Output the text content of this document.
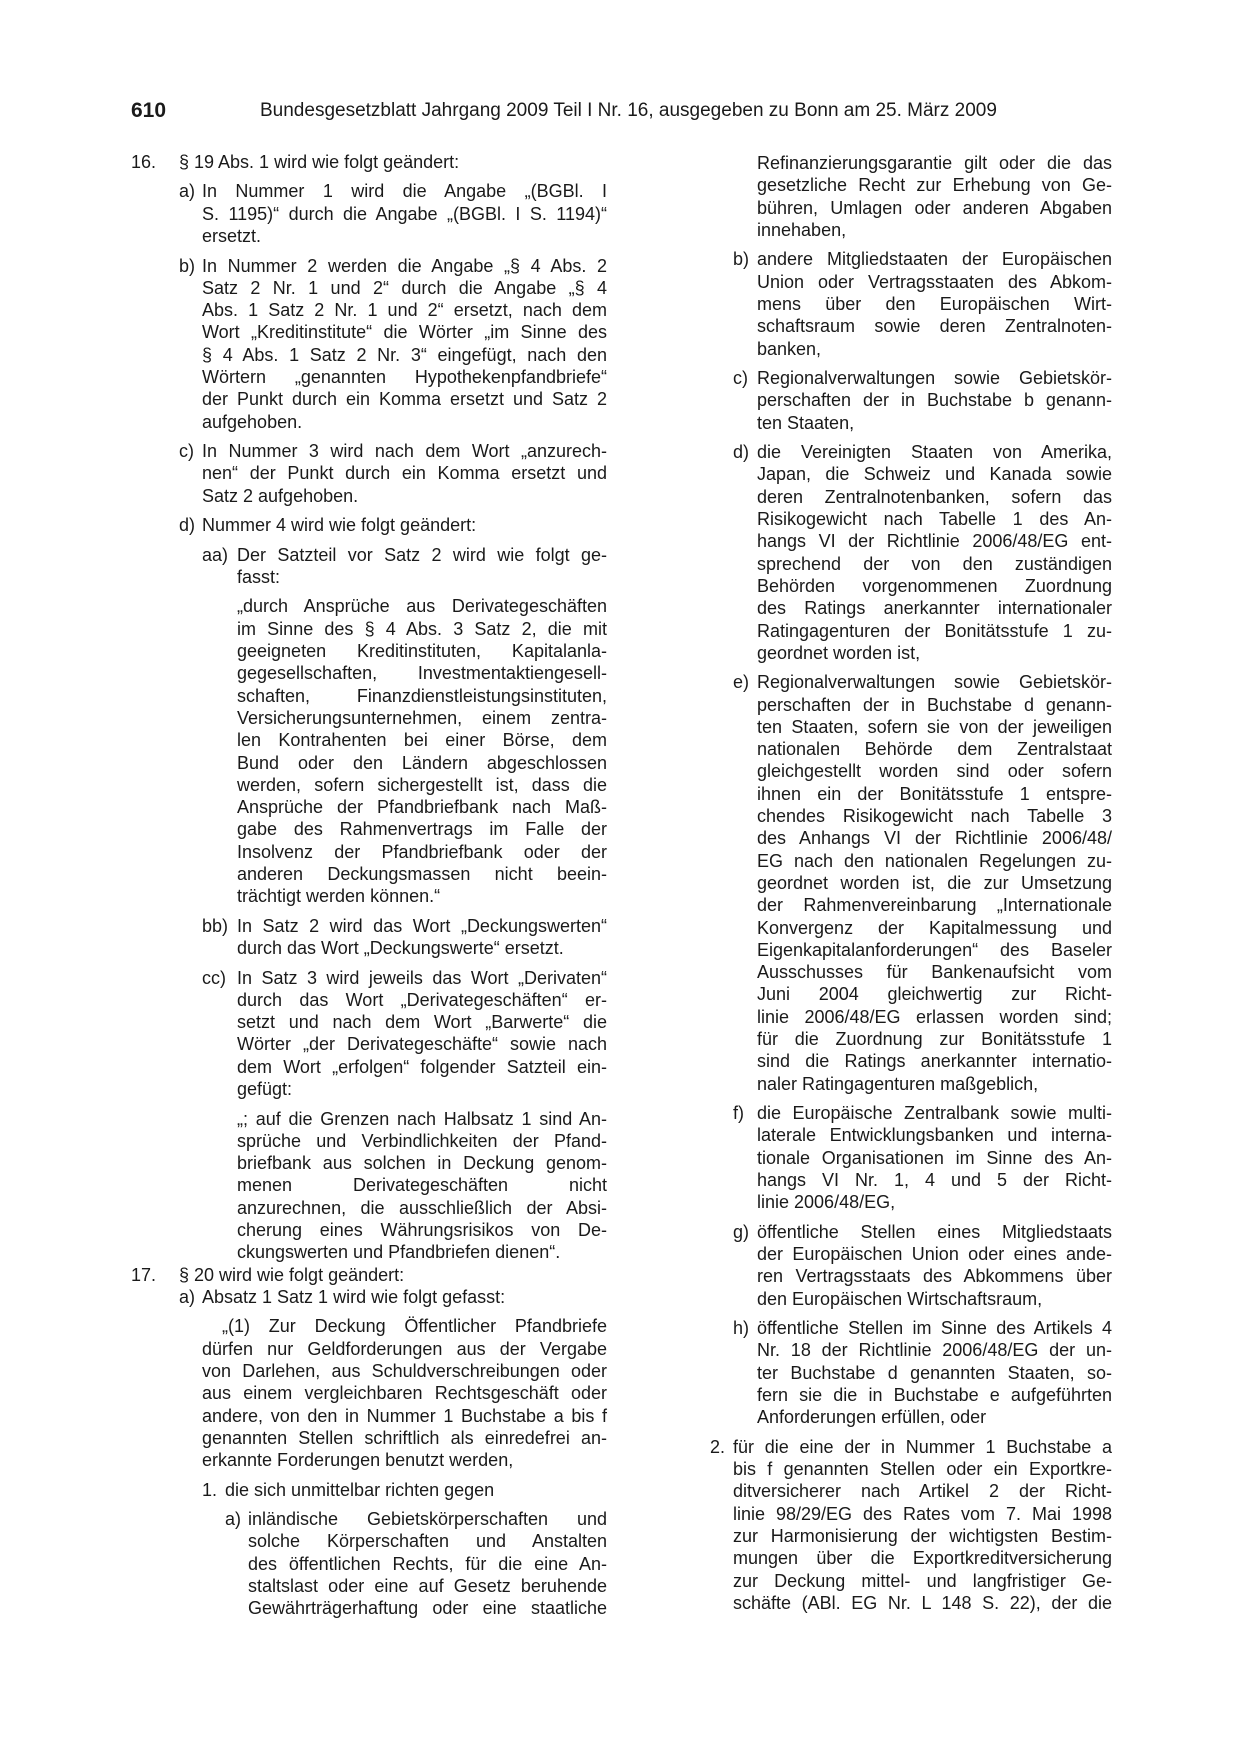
610	Bundesgesetzblatt Jahrgang 2009 Teil I Nr. 16, ausgegeben zu Bonn am 25. März 2009
16. § 19 Abs. 1 wird wie folgt geändert:
a) In Nummer 1 wird die Angabe „(BGBl. I
S. 1195)“ durch die Angabe „(BGBl. I S. 1194)“
ersetzt.
b) In Nummer 2 werden die Angabe „§ 4 Abs. 2
Satz 2 Nr. 1 und 2“ durch die Angabe „§ 4
Abs. 1 Satz 2 Nr. 1 und 2“ ersetzt, nach dem
Wort „Kreditinstitute“ die Wörter „im Sinne des
§ 4 Abs. 1 Satz 2 Nr. 3“ eingefügt, nach den
Wörtern „genannten Hypothekenpfandbriefe“
der Punkt durch ein Komma ersetzt und Satz 2
aufgehoben.
c) In Nummer 3 wird nach dem Wort „anzurech-
nen“ der Punkt durch ein Komma ersetzt und
Satz 2 aufgehoben.
d) Nummer 4 wird wie folgt geändert:
aa) Der Satzteil vor Satz 2 wird wie folgt ge-
fasst:
„durch Ansprüche aus Derivategeschäften
im Sinne des § 4 Abs. 3 Satz 2, die mit
geeigneten Kreditinstituten, Kapitalanla-
gegesellschaften, Investmentaktiengesell-
schaften, Finanzdienstleistungsinstituten,
Versicherungsunternehmen, einem zentra-
len Kontrahenten bei einer Börse, dem
Bund oder den Ländern abgeschlossen
werden, sofern sichergestellt ist, dass die
Ansprüche der Pfandbriefbank nach Maß-
gabe des Rahmenvertrags im Falle der
Insolvenz der Pfandbriefbank oder der
anderen Deckungsmassen nicht beein-
trächtigt werden können.“
bb) In Satz 2 wird das Wort „Deckungswerten“
durch das Wort „Deckungswerte“ ersetzt.
cc) In Satz 3 wird jeweils das Wort „Derivaten“
durch das Wort „Derivategeschäften“ er-
setzt und nach dem Wort „Barwerte“ die
Wörter „der Derivategeschäfte“ sowie nach
dem Wort „erfolgen“ folgender Satzteil ein-
gefügt:
„; auf die Grenzen nach Halbsatz 1 sind An-
sprüche und Verbindlichkeiten der Pfand-
briefbank aus solchen in Deckung genom-
menen Derivategeschäften nicht
anzurechnen, die ausschließlich der Absi-
cherung eines Währungsrisikos von De-
ckungswerten und Pfandbriefen dienen“.
17. § 20 wird wie folgt geändert:
a) Absatz 1 Satz 1 wird wie folgt gefasst:
„(1) Zur Deckung Öffentlicher Pfandbriefe
dürfen nur Geldforderungen aus der Vergabe
von Darlehen, aus Schuldverschreibungen oder
aus einem vergleichbaren Rechtsgeschäft oder
andere, von den in Nummer 1 Buchstabe a bis f
genannten Stellen schriftlich als einredefrei an-
erkannte Forderungen benutzt werden,
1. die sich unmittelbar richten gegen
a) inländische Gebietskörperschaften und
solche Körperschaften und Anstalten
des öffentlichen Rechts, für die eine An-
staltslast oder eine auf Gesetz beruhende
Gewährträgerhaftung oder eine staatliche
Refinanzierungsgarantie gilt oder die das
gesetzliche Recht zur Erhebung von Ge-
bühren, Umlagen oder anderen Abgaben
innehaben,
b) andere Mitgliedstaaten der Europäischen
Union oder Vertragsstaaten des Abkom-
mens über den Europäischen Wirt-
schaftsraum sowie deren Zentralnoten-
banken,
c) Regionalverwaltungen sowie Gebietskör-
perschaften der in Buchstabe b genann-
ten Staaten,
d) die Vereinigten Staaten von Amerika,
Japan, die Schweiz und Kanada sowie
deren Zentralnotenbanken, sofern das
Risikogewicht nach Tabelle 1 des An-
hangs VI der Richtlinie 2006/48/EG ent-
sprechend der von den zuständigen
Behörden vorgenommenen Zuordnung
des Ratings anerkannter internationaler
Ratingagenturen der Bonitätsstufe 1 zu-
geordnet worden ist,
e) Regionalverwaltungen sowie Gebietskör-
perschaften der in Buchstabe d genann-
ten Staaten, sofern sie von der jeweiligen
nationalen Behörde dem Zentralstaat
gleichgestellt worden sind oder sofern
ihnen ein der Bonitätsstufe 1 entspre-
chendes Risikogewicht nach Tabelle 3
des Anhangs VI der Richtlinie 2006/48/
EG nach den nationalen Regelungen zu-
geordnet worden ist, die zur Umsetzung
der Rahmenvereinbarung „Internationale
Konvergenz der Kapitalmessung und
Eigenkapitalanforderungen“ des Baseler
Ausschusses für Bankenaufsicht vom
Juni 2004 gleichwertig zur Richt-
linie 2006/48/EG erlassen worden sind;
für die Zuordnung zur Bonitätsstufe 1
sind die Ratings anerkannter internatio-
naler Ratingagenturen maßgeblich,
f) die Europäische Zentralbank sowie multi-
laterale Entwicklungsbanken und interna-
tionale Organisationen im Sinne des An-
hangs VI Nr. 1, 4 und 5 der Richt-
linie 2006/48/EG,
g) öffentliche Stellen eines Mitgliedstaats
der Europäischen Union oder eines ande-
ren Vertragsstaats des Abkommens über
den Europäischen Wirtschaftsraum,
h) öffentliche Stellen im Sinne des Artikels 4
Nr. 18 der Richtlinie 2006/48/EG der un-
ter Buchstabe d genannten Staaten, so-
fern sie die in Buchstabe e aufgeführten
Anforderungen erfüllen, oder
2. für die eine der in Nummer 1 Buchstabe a
bis f genannten Stellen oder ein Exportkre-
ditversicherer nach Artikel 2 der Richt-
linie 98/29/EG des Rates vom 7. Mai 1998
zur Harmonisierung der wichtigsten Bestim-
mungen über die Exportkreditversicherung
zur Deckung mittel- und langfristiger Ge-
schäfte (ABl. EG Nr. L 148 S. 22), der die
